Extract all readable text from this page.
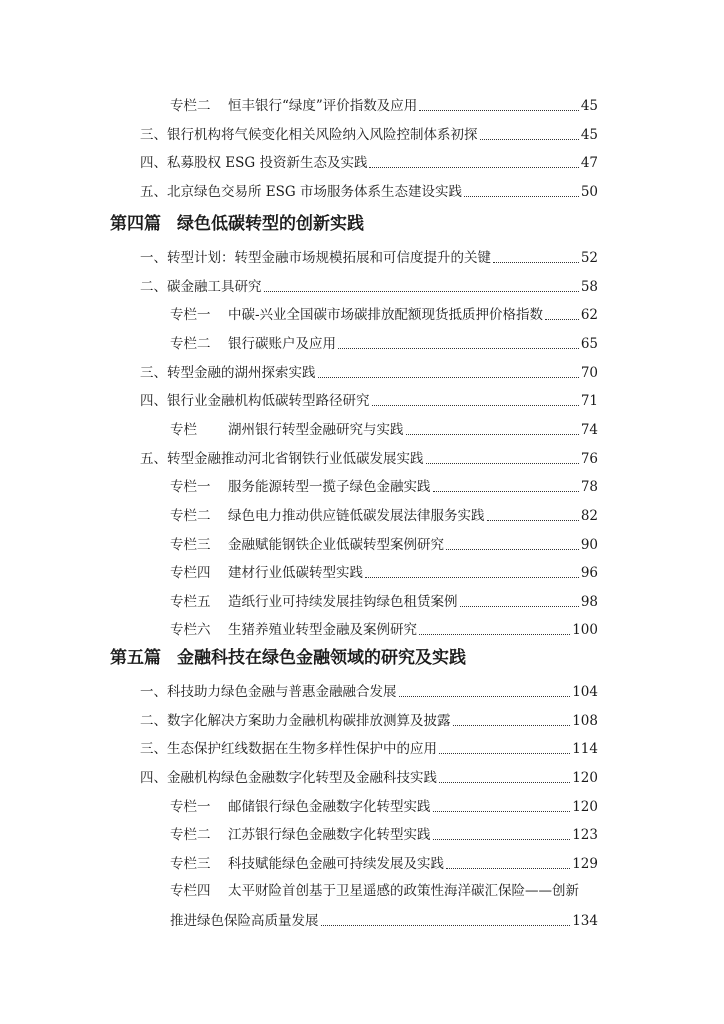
专栏二 恒丰银行“绿度”评价指数及应用	45
三、银行机构将气候变化相关风险纳入风险控制体系初探	45
四、私募股权 ESG 投资新生态及实践	47
五、北京绿色交易所 ESG 市场服务体系生态建设实践	50
第四篇 绿色低碳转型的创新实践
一、转型计划：转型金融市场规模拓展和可信度提升的关键	52
二、碳金融工具研究	58
专栏一 中碳-兴业全国碳市场碳排放配额现货抵质押价格指数	62
专栏二 银行碳账户及应用	65
三、转型金融的湖州探索实践	70
四、银行业金融机构低碳转型路径研究	71
专栏 湖州银行转型金融研究与实践	74
五、转型金融推动河北省钢铁行业低碳发展实践	76
专栏一 服务能源转型一揽子绿色金融实践	78
专栏二 绿色电力推动供应链低碳发展法律服务实践	82
专栏三 金融赋能钢铁企业低碳转型案例研究	90
专栏四 建材行业低碳转型实践	96
专栏五 造纸行业可持续发展挂钩绿色租赁案例	98
专栏六 生猪养殖业转型金融及案例研究	100
第五篇 金融科技在绿色金融领域的研究及实践
一、科技助力绿色金融与普惠金融融合发展	104
二、数字化解决方案助力金融机构碳排放测算及披露	108
三、生态保护红线数据在生物多样性保护中的应用	114
四、金融机构绿色金融数字化转型及金融科技实践	120
专栏一 邮储银行绿色金融数字化转型实践	120
专栏二 江苏银行绿色金融数字化转型实践	123
专栏三 科技赋能绿色金融可持续发展及实践	129
专栏四 太平财险首创基于卫星遥感的政策性海洋碳汇保险——创新
推进绿色保险高质量发展	134
